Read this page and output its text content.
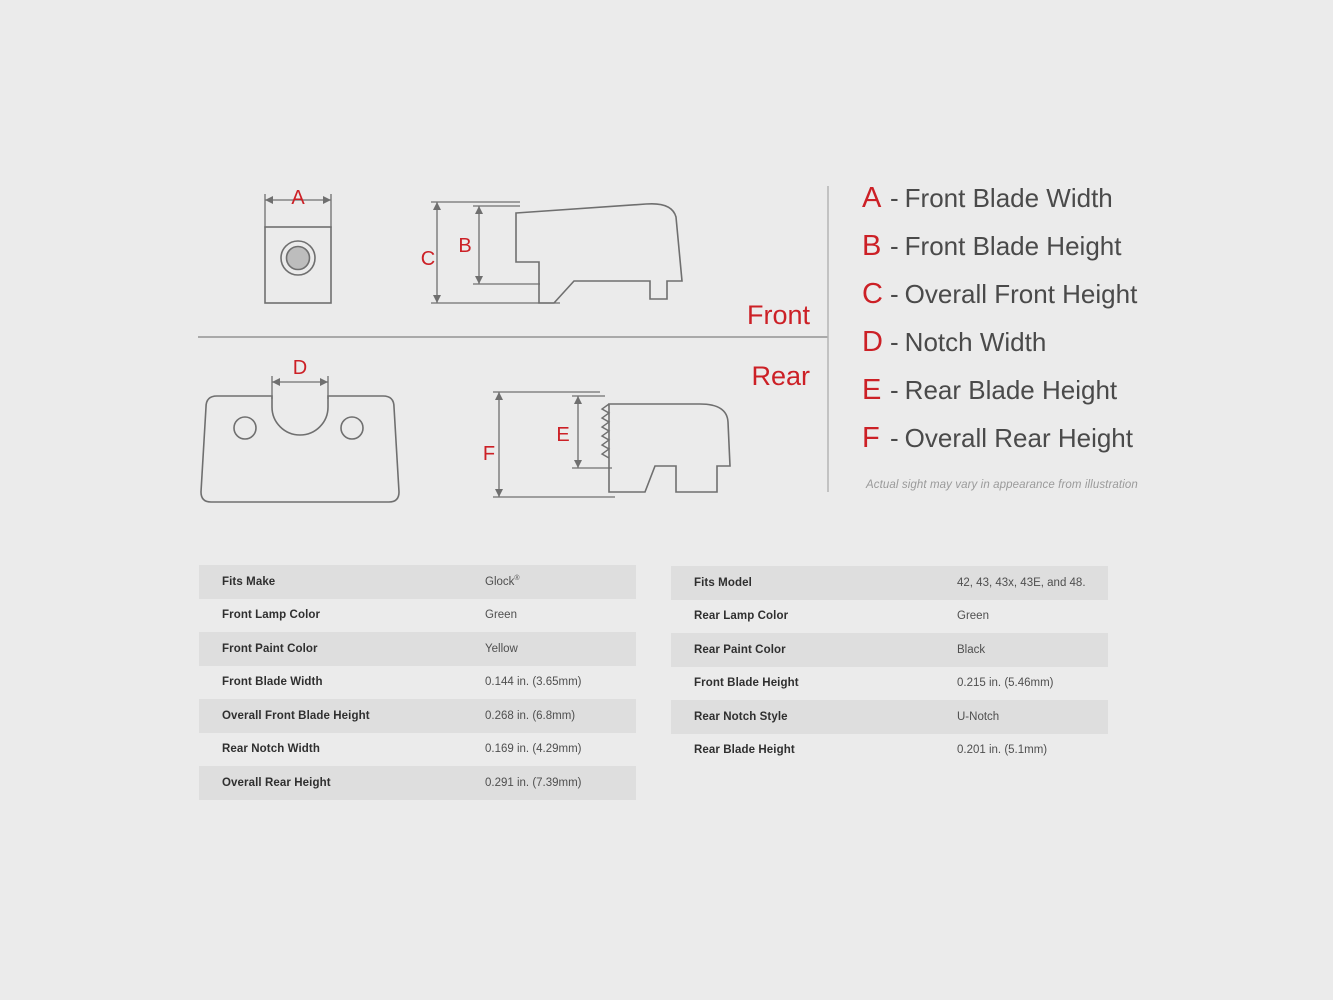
A
C
B
D
F
E
Front
Rear
A - Front Blade Width
B - Front Blade Height
C - Overall Front Height
D - Notch Width
E - Rear Blade Height
F - Overall Rear Height
Actual sight may vary in appearance from illustration
Fits Make	Glock®
Front Lamp Color	Green
Front Paint Color	Yellow
Front Blade Width	0.144 in. (3.65mm)
Overall Front Blade Height	0.268 in. (6.8mm)
Rear Notch Width	0.169 in. (4.29mm)
Overall Rear Height	0.291 in. (7.39mm)
Fits Model	42, 43, 43x, 43E, and 48.
Rear Lamp Color	Green
Rear Paint Color	Black
Front Blade Height	0.215 in. (5.46mm)
Rear Notch Style	U-Notch
Rear Blade Height	0.201 in. (5.1mm)
